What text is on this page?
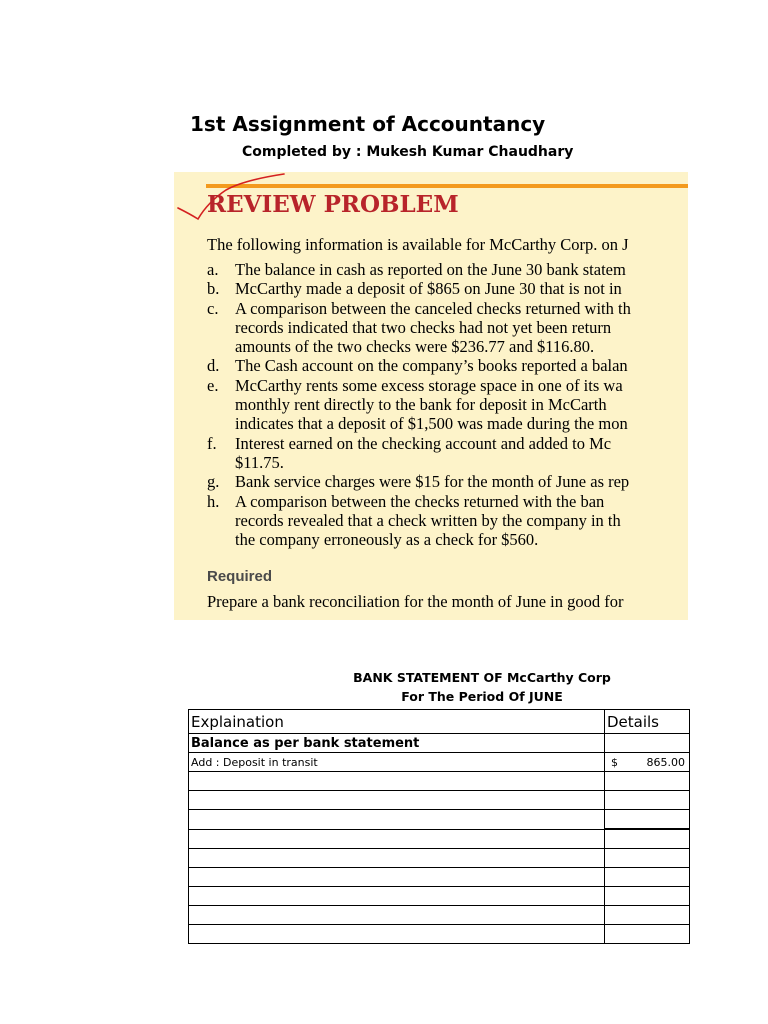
1st Assignment of Accountancy
Completed by : Mukesh Kumar Chaudhary
REVIEW PROBLEM
The following information is available for McCarthy Corp. on J
a.	The balance in cash as reported on the June 30 bank statem
b. McCarthy made a deposit of $865 on June 30 that is not in
c.	A comparison between the canceled checks returned with th
records indicated that two checks had not yet been return
amounts of the two checks were $236.77 and $116.80.
d. The Cash account on the company’s books reported a balan
e.	McCarthy rents some excess storage space in one of its wa
monthly rent directly to the bank for deposit in McCarth
indicates that a deposit of $1,500 was made during the mon
f.	Interest earned on the checking account and added to Mc
$11.75.
g. Bank service charges were $15 for the month of June as rep
h. A comparison between the checks returned with the ban
records revealed that a check written by the company in th
the company erroneously as a check for $560.
Required
Prepare a bank reconciliation for the month of June in good for
BANK STATEMENT OF McCarthy Corp
For The Period Of JUNE
Explaination	Details
Balance as per bank statement	
Add : Deposit in transit	$ 865.00
